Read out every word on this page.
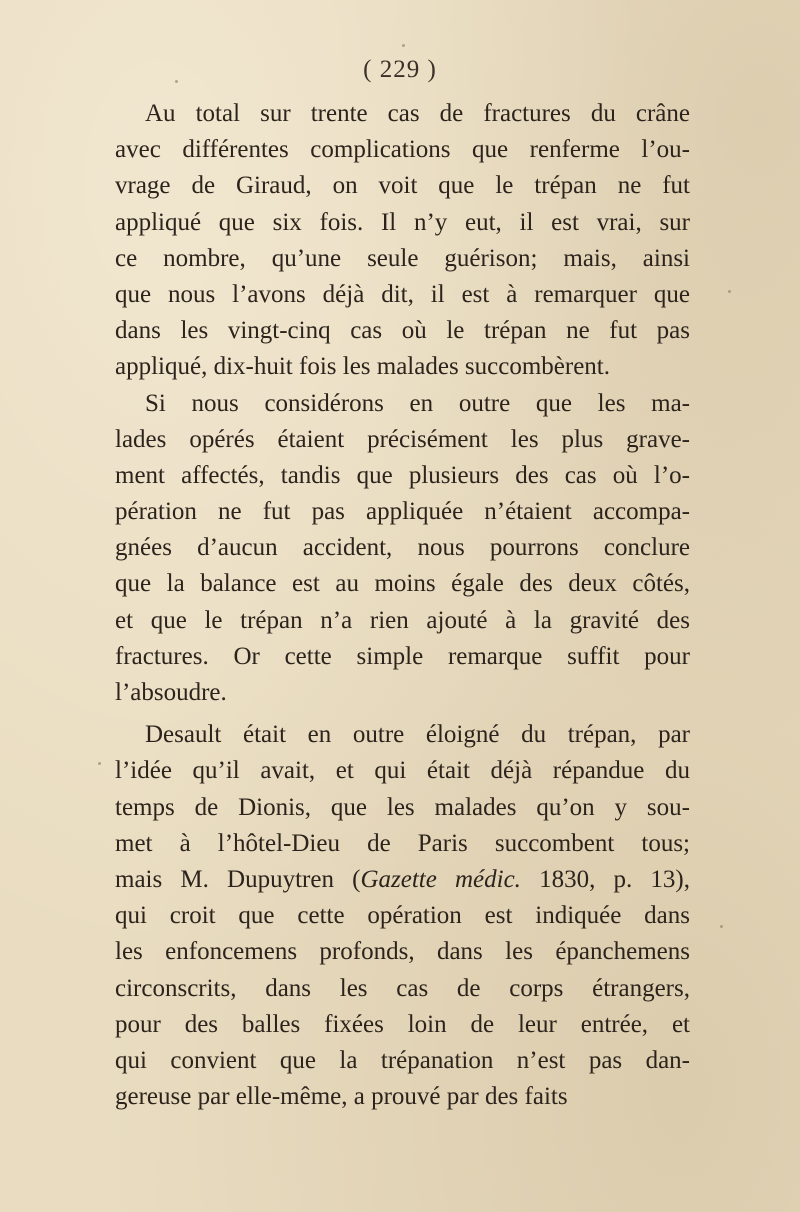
( 229 )
Au total sur trente cas de fractures du crâne
avec différentes complications que renferme l’ou-
vrage de Giraud, on voit que le trépan ne fut
appliqué que six fois. Il n’y eut, il est vrai, sur
ce nombre, qu’une seule guérison; mais, ainsi
que nous l’avons déjà dit, il est à remarquer que
dans les vingt-cinq cas où le trépan ne fut pas
appliqué, dix-huit fois les malades succombèrent.
Si nous considérons en outre que les ma-
lades opérés étaient précisément les plus grave-
ment affectés, tandis que plusieurs des cas où l’o-
pération ne fut pas appliquée n’étaient accompa-
gnées d’aucun accident, nous pourrons conclure
que la balance est au moins égale des deux côtés,
et que le trépan n’a rien ajouté à la gravité des
fractures. Or cette simple remarque suffit pour
l’absoudre.
Desault était en outre éloigné du trépan, par
l’idée qu’il avait, et qui était déjà répandue du
temps de Dionis, que les malades qu’on y sou-
met à l’hôtel-Dieu de Paris succombent tous;
mais M. Dupuytren (Gazette médic. 1830, p. 13),
qui croit que cette opération est indiquée dans
les enfoncemens profonds, dans les épanchemens
circonscrits, dans les cas de corps étrangers,
pour des balles fixées loin de leur entrée, et
qui convient que la trépanation n’est pas dan-
gereuse par elle-même, a prouvé par des faits
